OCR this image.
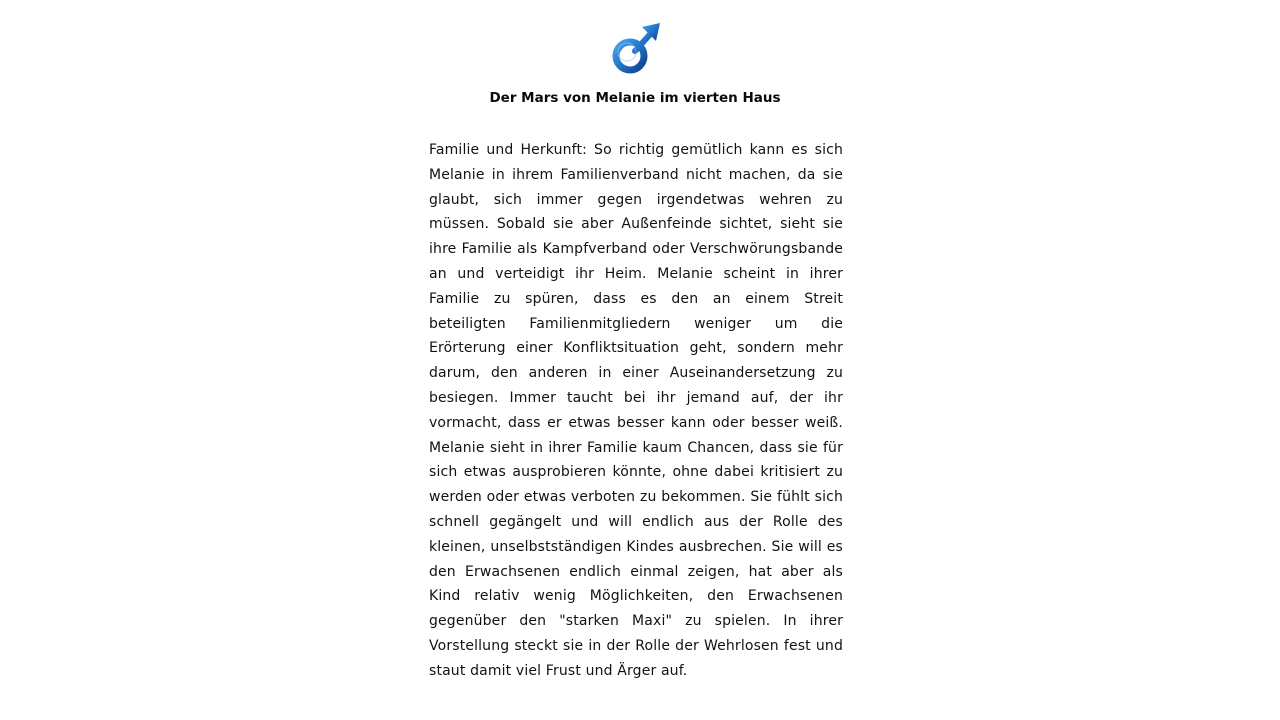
Der Mars von Melanie im vierten Haus

Familie und Herkunft: So richtig gemütlich kann es sich Melanie in ihrem Familienverband nicht machen, da sie glaubt, sich immer gegen irgendetwas wehren zu müssen. Sobald sie aber Außenfeinde sichtet, sieht sie ihre Familie als Kampfverband oder Verschwörungsbande an und verteidigt ihr Heim. Melanie scheint in ihrer Familie zu spüren, dass es den an einem Streit beteiligten Familienmitgliedern weniger um die Erörterung einer Konfliktsituation geht, sondern mehr darum, den anderen in einer Auseinandersetzung zu besiegen. Immer taucht bei ihr jemand auf, der ihr vormacht, dass er etwas besser kann oder besser weiß. Melanie sieht in ihrer Familie kaum Chancen, dass sie für sich etwas ausprobieren könnte, ohne dabei kritisiert zu werden oder etwas verboten zu bekommen. Sie fühlt sich schnell gegängelt und will endlich aus der Rolle des kleinen, unselbstständigen Kindes ausbrechen. Sie will es den Erwachsenen endlich einmal zeigen, hat aber als Kind relativ wenig Möglichkeiten, den Erwachsenen gegenüber den "starken Maxi" zu spielen. In ihrer Vorstellung steckt sie in der Rolle der Wehrlosen fest und staut damit viel Frust und Ärger auf.
